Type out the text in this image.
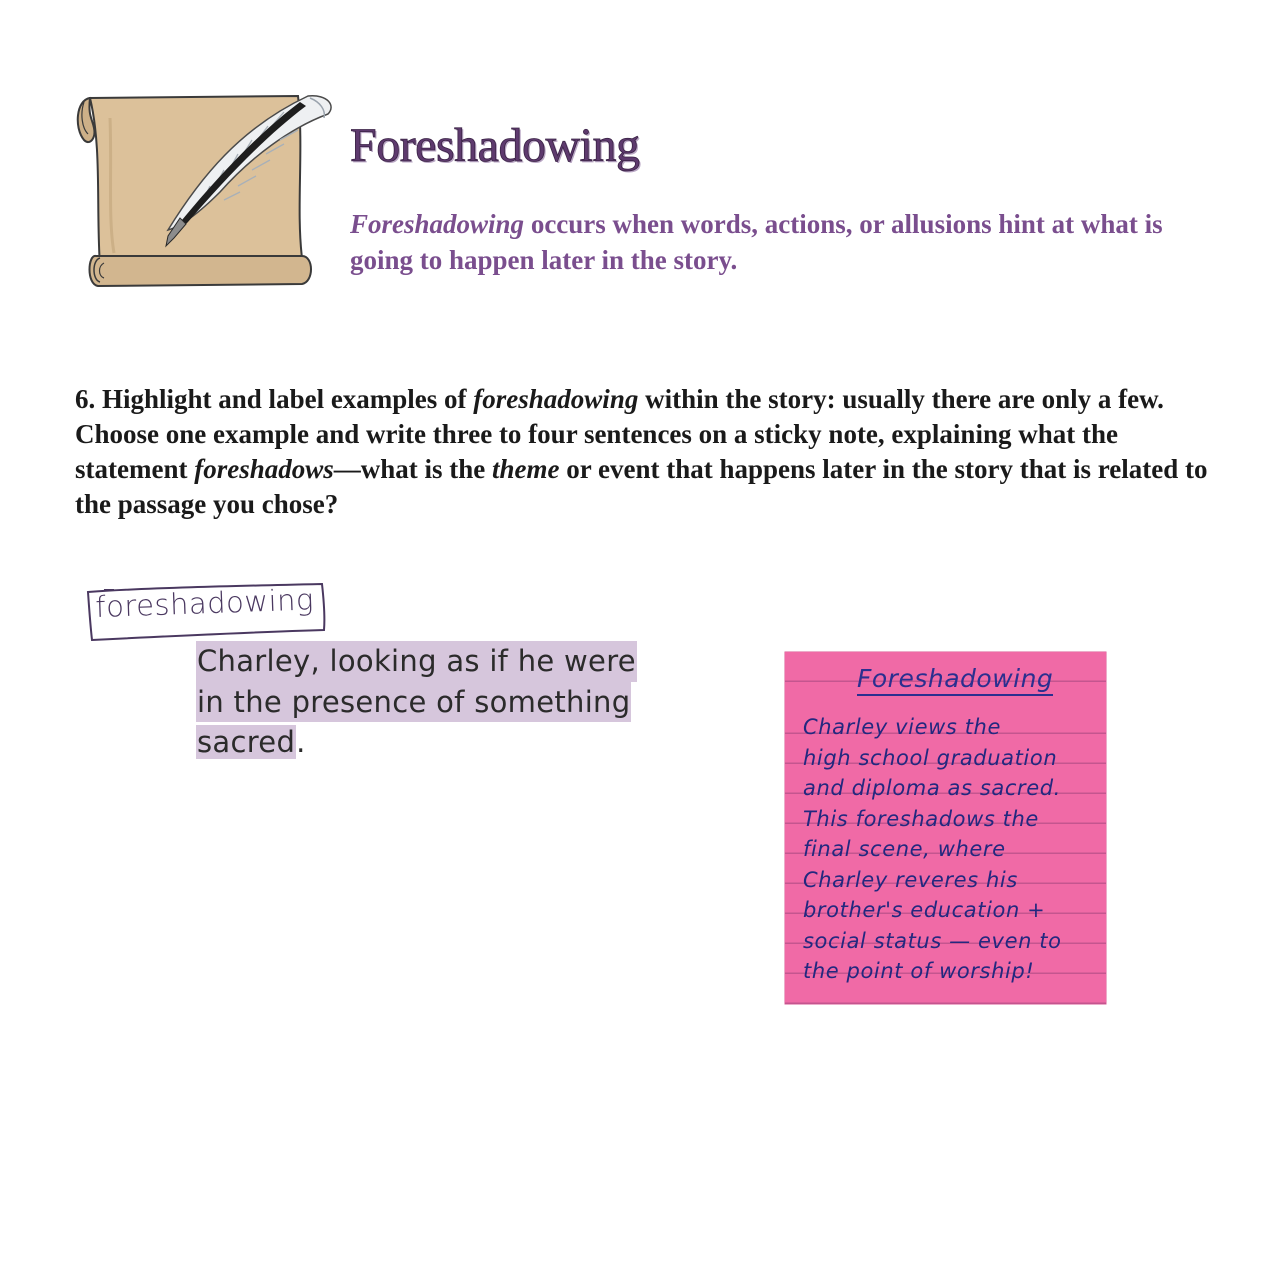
Foreshadowing

Foreshadowing occurs when words, actions, or allusions hint at what is going to happen later in the story.

6. Highlight and label examples of foreshadowing within the story: usually there are only a few. Choose one example and write three to four sentences on a sticky note, explaining what the statement foreshadows—what is the theme or event that happens later in the story that is related to the passage you chose?

foreshadowing

Charley, looking as if he were
in the presence of something
sacred.

Foreshadowing
Charley views the
high school graduation
and diploma as sacred.
This foreshadows the
final scene, where
Charley reveres his
brother's education +
social status — even to
the point of worship!
